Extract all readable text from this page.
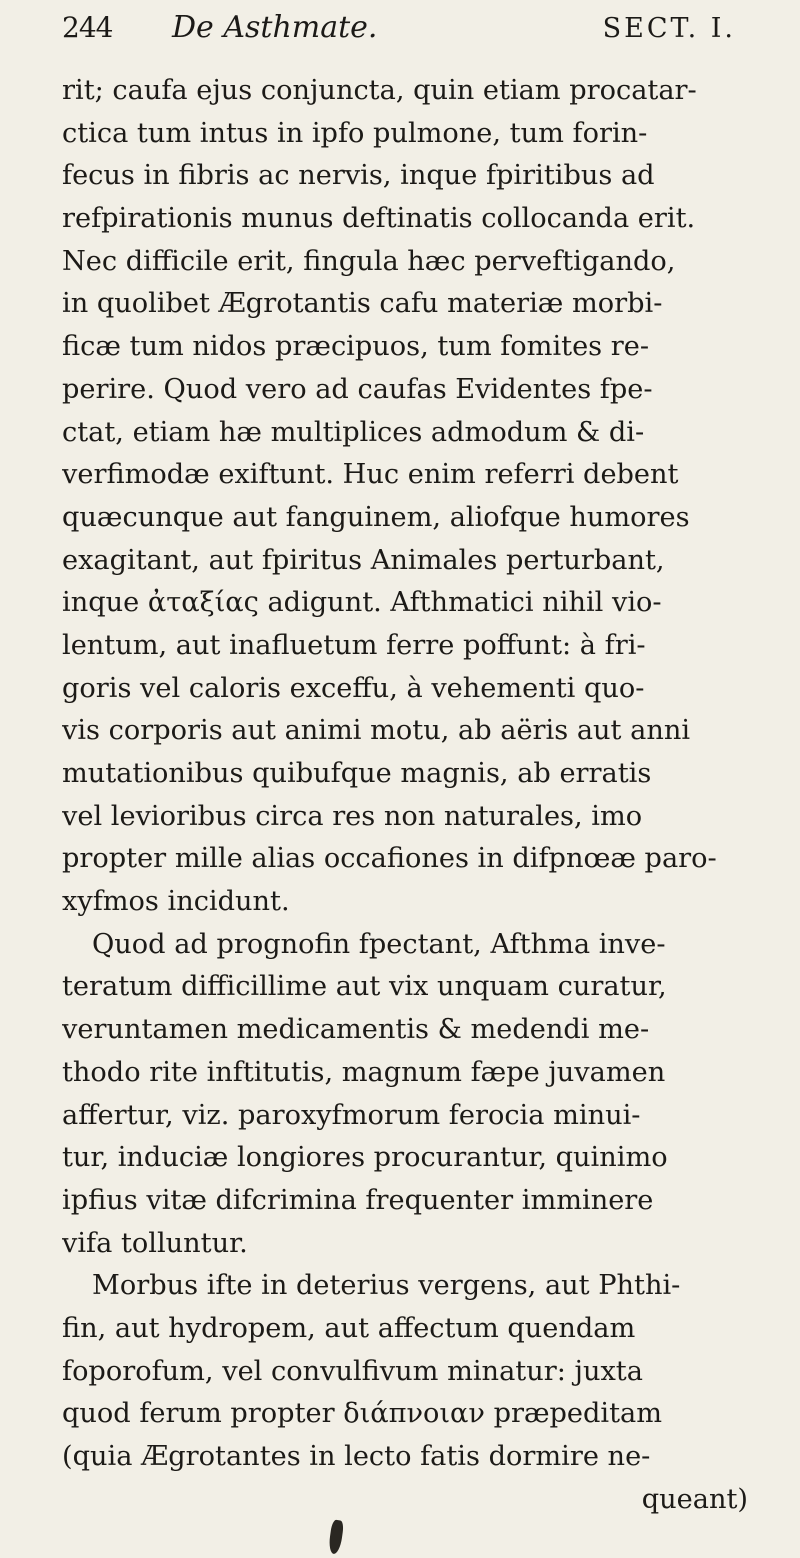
244	De Asthmate.	SECT. I.
rit; caufa ejus conjuncta, quin etiam procatar-
ctica tum intus in ipfo pulmone, tum forin-
fecus in fibris ac nervis, inque fpiritibus ad
refpirationis munus deftinatis collocanda erit.
Nec difficile erit, fingula hæc perveftigando,
in quolibet Ægrotantis cafu materiæ morbi-
ficæ tum nidos præcipuos, tum fomites re-
perire. Quod vero ad caufas Evidentes fpe-
ctat, etiam hæ multiplices admodum & di-
verfimodæ exiftunt. Huc enim referri debent
quæcunque aut fanguinem, aliofque humores
exagitant, aut fpiritus Animales perturbant,
inque ἀταξίας adigunt. Afthmatici nihil vio-
lentum, aut inafluetum ferre poffunt: à fri-
goris vel caloris exceffu, à vehementi quo-
vis corporis aut animi motu, ab aëris aut anni
mutationibus quibufque magnis, ab erratis
vel levioribus circa res non naturales, imo
propter mille alias occafiones in difpnœæ paro-
xyfmos incidunt.
Quod ad prognofin fpectant, Afthma inve-
teratum difficillime aut vix unquam curatur,
veruntamen medicamentis & medendi me-
thodo rite inftitutis, magnum fæpe juvamen
affertur, viz. paroxyfmorum ferocia minui-
tur, induciæ longiores procurantur, quinimo
ipfius vitæ difcrimina frequenter imminere
vifa tolluntur.
Morbus ifte in deterius vergens, aut Phthi-
fin, aut hydropem, aut affectum quendam
foporofum, vel convulfivum minatur: juxta
quod ferum propter διάπνοιαν præpeditam
(quia Ægrotantes in lecto fatis dormire ne-
queant)
